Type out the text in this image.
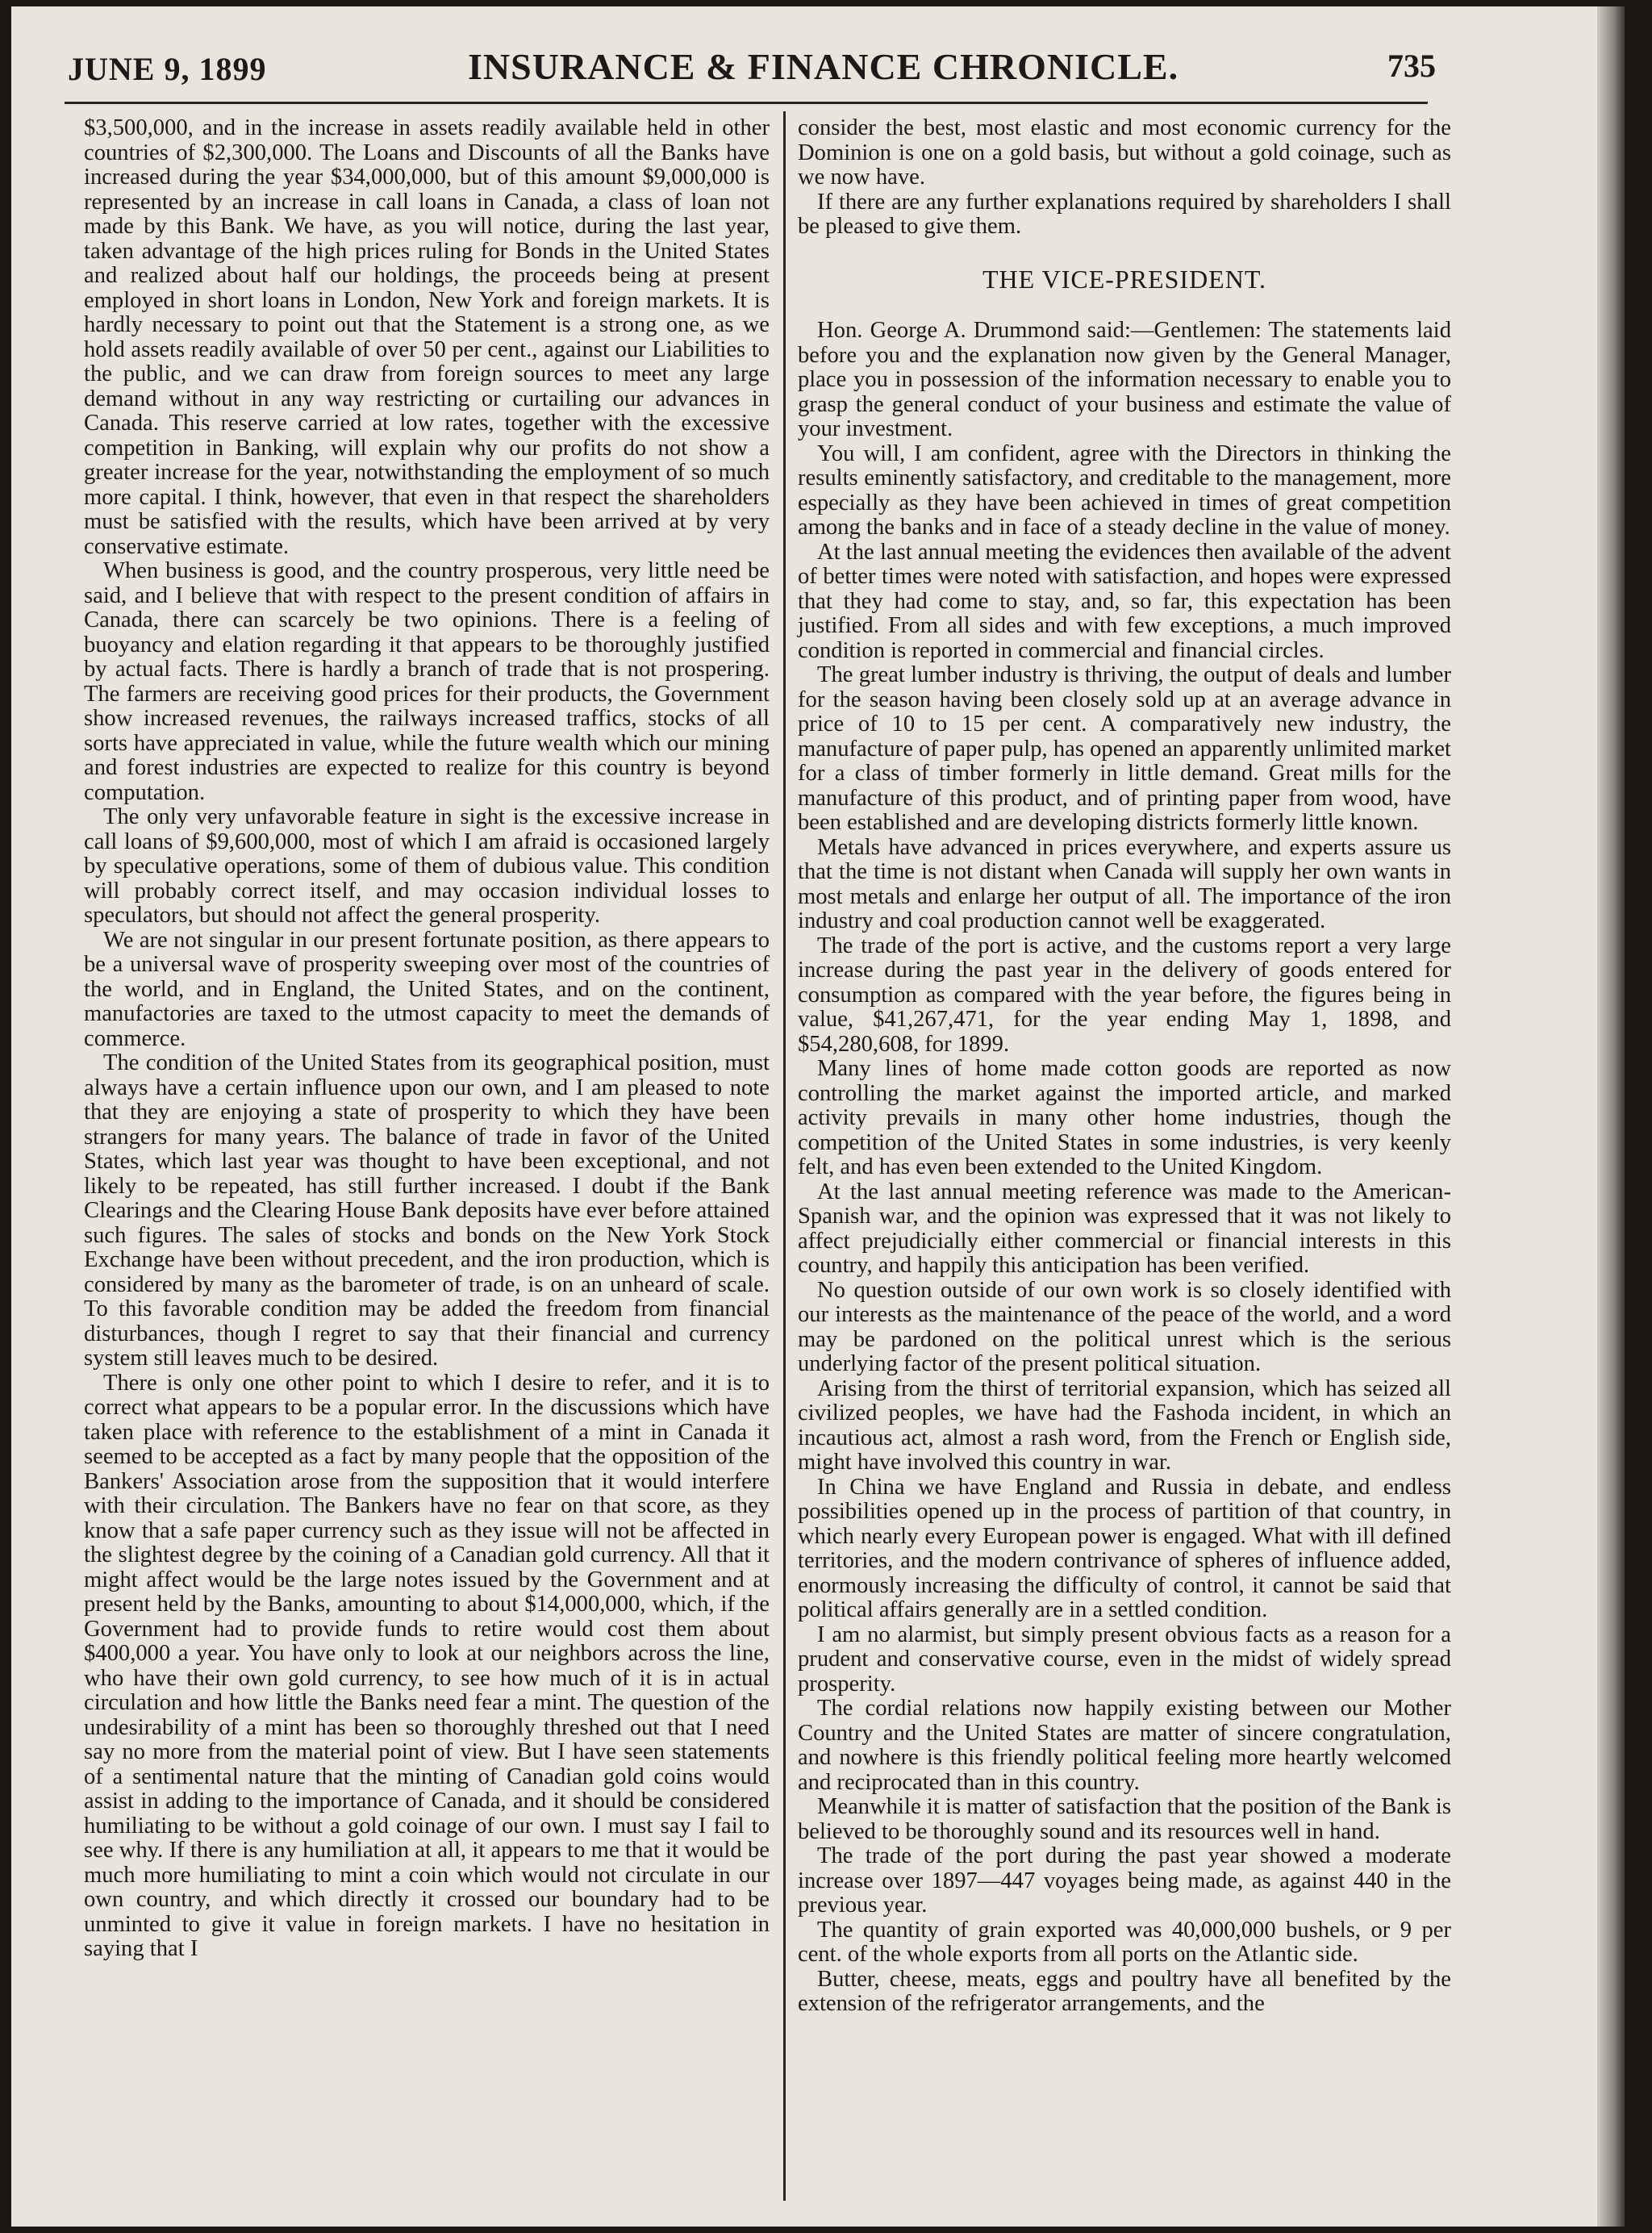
JUNE 9, 1899	INSURANCE & FINANCE CHRONICLE.	735

$3,500,000, and in the increase in assets readily available held in other countries of $2,300,000. The Loans and Discounts of all the Banks have increased during the year $34,000,000, but of this amount $9,000,000 is represented by an increase in call loans in Canada, a class of loan not made by this Bank. We have, as you will notice, during the last year, taken advantage of the high prices ruling for Bonds in the United States and realized about half our holdings, the proceeds being at present employed in short loans in London, New York and foreign markets. It is hardly necessary to point out that the Statement is a strong one, as we hold assets readily available of over 50 per cent., against our Liabilities to the public, and we can draw from foreign sources to meet any large demand without in any way restricting or curtailing our advances in Canada. This reserve carried at low rates, together with the excessive competition in Banking, will explain why our profits do not show a greater increase for the year, notwithstanding the employment of so much more capital. I think, however, that even in that respect the shareholders must be satisfied with the results, which have been arrived at by very conservative estimate.

When business is good, and the country prosperous, very little need be said, and I believe that with respect to the present condition of affairs in Canada, there can scarcely be two opinions. There is a feeling of buoyancy and elation regarding it that appears to be thoroughly justified by actual facts. There is hardly a branch of trade that is not prospering. The farmers are receiving good prices for their products, the Government show increased revenues, the railways increased traffics, stocks of all sorts have appreciated in value, while the future wealth which our mining and forest industries are expected to realize for this country is beyond computation.

The only very unfavorable feature in sight is the excessive increase in call loans of $9,600,000, most of which I am afraid is occasioned largely by speculative operations, some of them of dubious value. This condition will probably correct itself, and may occasion individual losses to speculators, but should not affect the general prosperity.

We are not singular in our present fortunate position, as there appears to be a universal wave of prosperity sweeping over most of the countries of the world, and in England, the United States, and on the continent, manufactories are taxed to the utmost capacity to meet the demands of commerce.

The condition of the United States from its geographical position, must always have a certain influence upon our own, and I am pleased to note that they are enjoying a state of prosperity to which they have been strangers for many years. The balance of trade in favor of the United States, which last year was thought to have been exceptional, and not likely to be repeated, has still further increased. I doubt if the Bank Clearings and the Clearing House Bank deposits have ever before attained such figures. The sales of stocks and bonds on the New York Stock Exchange have been without precedent, and the iron production, which is considered by many as the barometer of trade, is on an unheard of scale. To this favorable condition may be added the freedom from financial disturbances, though I regret to say that their financial and currency system still leaves much to be desired.

There is only one other point to which I desire to refer, and it is to correct what appears to be a popular error. In the discussions which have taken place with reference to the establishment of a mint in Canada it seemed to be accepted as a fact by many people that the opposition of the Bankers' Association arose from the supposition that it would interfere with their circulation. The Bankers have no fear on that score, as they know that a safe paper currency such as they issue will not be affected in the slightest degree by the coining of a Canadian gold currency. All that it might affect would be the large notes issued by the Government and at present held by the Banks, amounting to about $14,000,000, which, if the Government had to provide funds to retire would cost them about $400,000 a year. You have only to look at our neighbors across the line, who have their own gold currency, to see how much of it is in actual circulation and how little the Banks need fear a mint. The question of the undesirability of a mint has been so thoroughly threshed out that I need say no more from the material point of view. But I have seen statements of a sentimental nature that the minting of Canadian gold coins would assist in adding to the importance of Canada, and it should be considered humiliating to be without a gold coinage of our own. I must say I fail to see why. If there is any humiliation at all, it appears to me that it would be much more humiliating to mint a coin which would not circulate in our own country, and which directly it crossed our boundary had to be unminted to give it value in foreign markets. I have no hesitation in saying that I

consider the best, most elastic and most economic currency for the Dominion is one on a gold basis, but without a gold coinage, such as we now have.

If there are any further explanations required by shareholders I shall be pleased to give them.

THE VICE-PRESIDENT.

Hon. George A. Drummond said:—Gentlemen: The statements laid before you and the explanation now given by the General Manager, place you in possession of the information necessary to enable you to grasp the general conduct of your business and estimate the value of your investment.

You will, I am confident, agree with the Directors in thinking the results eminently satisfactory, and creditable to the management, more especially as they have been achieved in times of great competition among the banks and in face of a steady decline in the value of money.

At the last annual meeting the evidences then available of the advent of better times were noted with satisfaction, and hopes were expressed that they had come to stay, and, so far, this expectation has been justified. From all sides and with few exceptions, a much improved condition is reported in commercial and financial circles.

The great lumber industry is thriving, the output of deals and lumber for the season having been closely sold up at an average advance in price of 10 to 15 per cent. A comparatively new industry, the manufacture of paper pulp, has opened an apparently unlimited market for a class of timber formerly in little demand. Great mills for the manufacture of this product, and of printing paper from wood, have been established and are developing districts formerly little known.

Metals have advanced in prices everywhere, and experts assure us that the time is not distant when Canada will supply her own wants in most metals and enlarge her output of all. The importance of the iron industry and coal production cannot well be exaggerated.

The trade of the port is active, and the customs report a very large increase during the past year in the delivery of goods entered for consumption as compared with the year before, the figures being in value, $41,267,471, for the year ending May 1, 1898, and $54,280,608, for 1899.

Many lines of home made cotton goods are reported as now controlling the market against the imported article, and marked activity prevails in many other home industries, though the competition of the United States in some industries, is very keenly felt, and has even been extended to the United Kingdom.

At the last annual meeting reference was made to the American-Spanish war, and the opinion was expressed that it was not likely to affect prejudicially either commercial or financial interests in this country, and happily this anticipation has been verified.

No question outside of our own work is so closely identified with our interests as the maintenance of the peace of the world, and a word may be pardoned on the political unrest which is the serious underlying factor of the present political situation.

Arising from the thirst of territorial expansion, which has seized all civilized peoples, we have had the Fashoda incident, in which an incautious act, almost a rash word, from the French or English side, might have involved this country in war.

In China we have England and Russia in debate, and endless possibilities opened up in the process of partition of that country, in which nearly every European power is engaged. What with ill defined territories, and the modern contrivance of spheres of influence added, enormously increasing the difficulty of control, it cannot be said that political affairs generally are in a settled condition.

I am no alarmist, but simply present obvious facts as a reason for a prudent and conservative course, even in the midst of widely spread prosperity.

The cordial relations now happily existing between our Mother Country and the United States are matter of sincere congratulation, and nowhere is this friendly political feeling more heartly welcomed and reciprocated than in this country.

Meanwhile it is matter of satisfaction that the position of the Bank is believed to be thoroughly sound and its resources well in hand.

The trade of the port during the past year showed a moderate increase over 1897—447 voyages being made, as against 440 in the previous year.

The quantity of grain exported was 40,000,000 bushels, or 9 per cent. of the whole exports from all ports on the Atlantic side.

Butter, cheese, meats, eggs and poultry have all benefited by the extension of the refrigerator arrangements, and the
